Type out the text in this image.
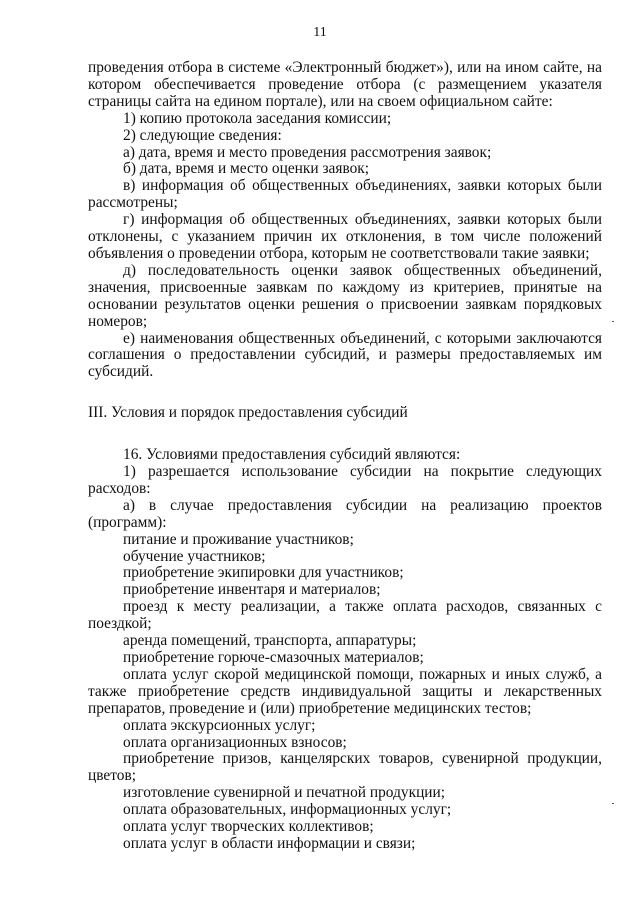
11

проведения отбора в системе «Электронный бюджет»), или на ином сайте, на котором обеспечивается проведение отбора (с размещением указателя страницы сайта на едином портале), или на своем официальном сайте:

1) копию протокола заседания комиссии;

2) следующие сведения:

а) дата, время и место проведения рассмотрения заявок;

б) дата, время и место оценки заявок;

в) информация об общественных объединениях, заявки которых были рассмотрены;

г) информация об общественных объединениях, заявки которых были отклонены, с указанием причин их отклонения, в том числе положений объявления о проведении отбора, которым не соответствовали такие заявки;

д) последовательность оценки заявок общественных объединений, значения, присвоенные заявкам по каждому из критериев, принятые на основании результатов оценки решения о присвоении заявкам порядковых номеров;

е) наименования общественных объединений, с которыми заключаются соглашения о предоставлении субсидий, и размеры предоставляемых им субсидий.

III. Условия и порядок предоставления субсидий

16. Условиями предоставления субсидий являются:

1) разрешается использование субсидии на покрытие следующих расходов:

а) в случае предоставления субсидии на реализацию проектов (программ):

питание и проживание участников;

обучение участников;

приобретение экипировки для участников;

приобретение инвентаря и материалов;

проезд к месту реализации, а также оплата расходов, связанных с поездкой;

аренда помещений, транспорта, аппаратуры;

приобретение горюче-смазочных материалов;

оплата услуг скорой медицинской помощи, пожарных и иных служб, а также приобретение средств индивидуальной защиты и лекарственных препаратов, проведение и (или) приобретение медицинских тестов;

оплата экскурсионных услуг;

оплата организационных взносов;

приобретение призов, канцелярских товаров, сувенирной продукции, цветов;

изготовление сувенирной и печатной продукции;

оплата образовательных, информационных услуг;

оплата услуг творческих коллективов;

оплата услуг в области информации и связи;
